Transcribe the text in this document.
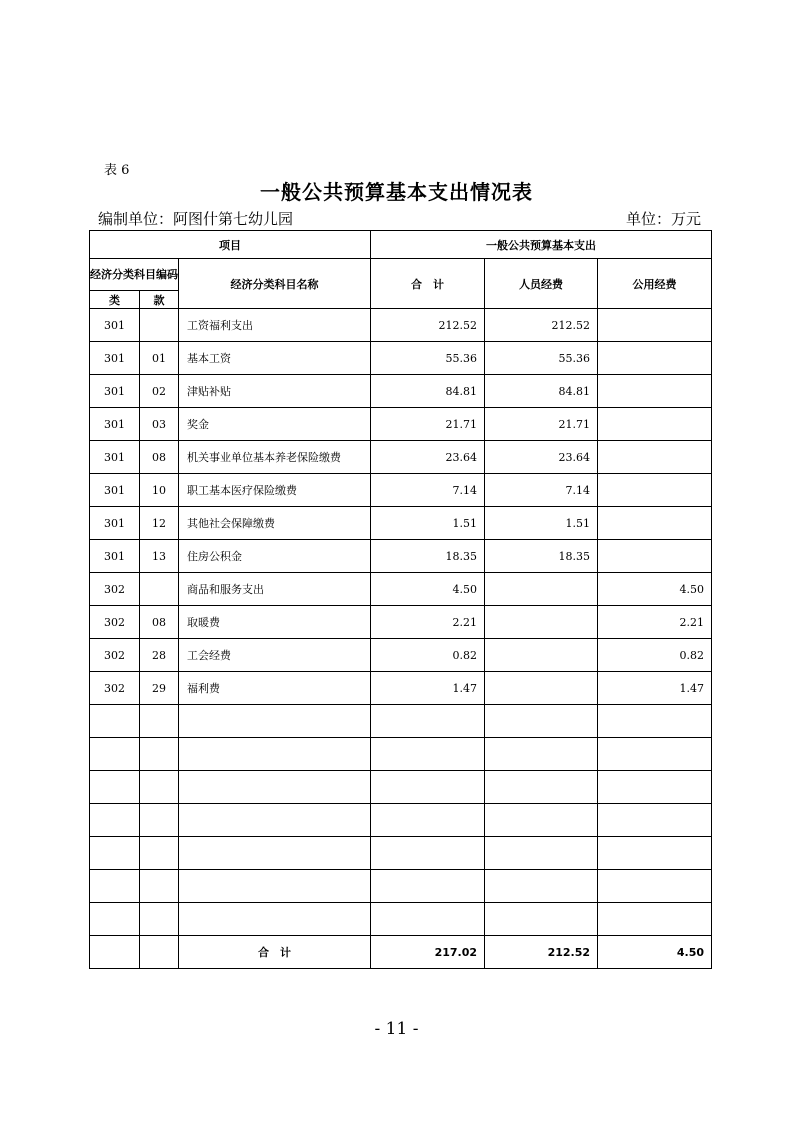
表 6
一般公共预算基本支出情况表
编制单位：阿图什第七幼儿园	单位：万元
项目			一般公共预算基本支出		
经济分类科目编码		经济分类科目名称	合　计	人员经费	公用经费
类	款				
301		工资福利支出	212.52	212.52	
301	01	基本工资	55.36	55.36	
301	02	津贴补贴	84.81	84.81	
301	03	奖金	21.71	21.71	
301	08	机关事业单位基本养老保险缴费	23.64	23.64	
301	10	职工基本医疗保险缴费	7.14	7.14	
301	12	其他社会保障缴费	1.51	1.51	
301	13	住房公积金	18.35	18.35	
302		商品和服务支出	4.50		4.50
302	08	取暖费	2.21		2.21
302	28	工会经费	0.82		0.82
302	29	福利费	1.47		1.47

		合　计	217.02	212.52	4.50
- 11 -
